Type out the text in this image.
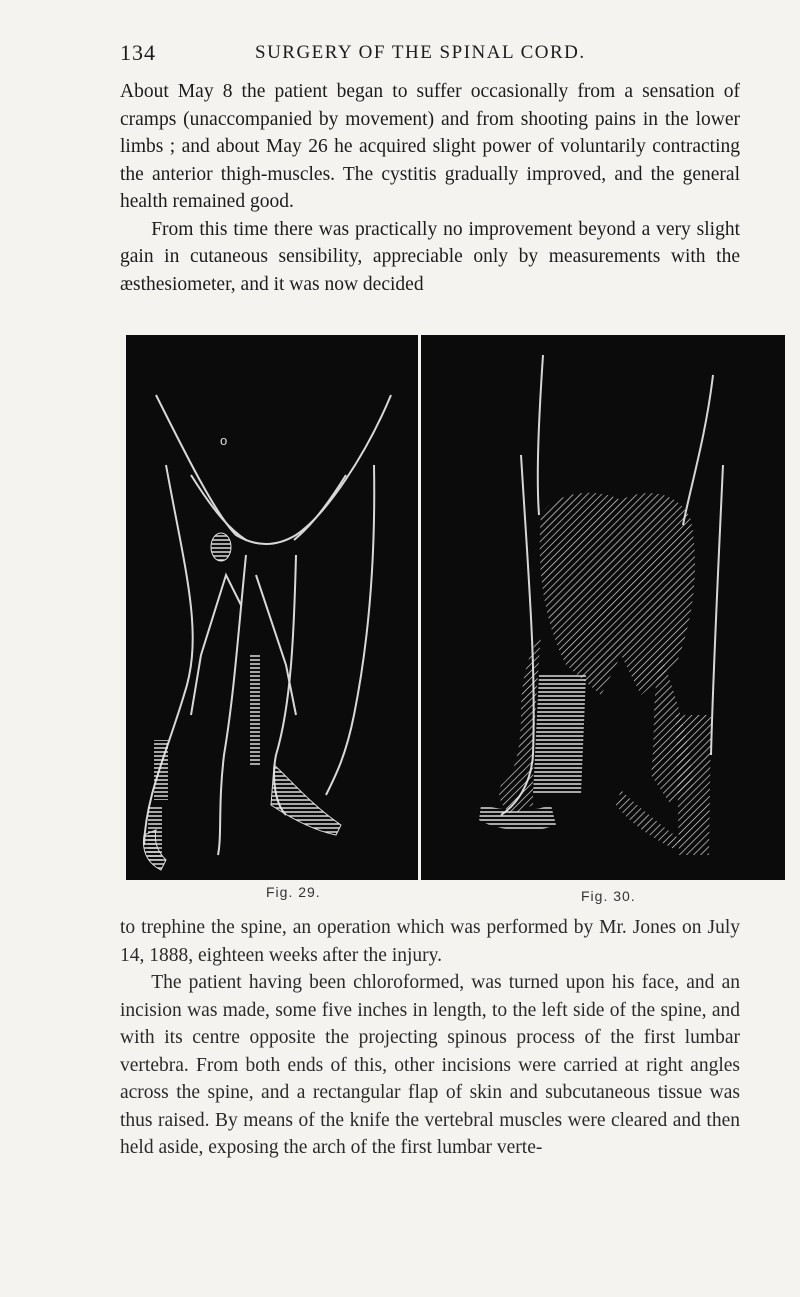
134	SURGERY OF THE SPINAL CORD.

About May 8 the patient began to suffer occasionally from a sensation of cramps (unaccompanied by movement) and from shooting pains in the lower limbs ; and about May 26 he acquired slight power of voluntarily contracting the anterior thigh-muscles. The cystitis gradually improved, and the general health remained good.

From this time there was practically no improvement beyond a very slight gain in cutaneous sensibility, appreciable only by measurements with the æsthesiometer, and it was now decided

o
Fig. 29.	Fig. 30.

to trephine the spine, an operation which was performed by Mr. Jones on July 14, 1888, eighteen weeks after the injury.

The patient having been chloroformed, was turned upon his face, and an incision was made, some five inches in length, to the left side of the spine, and with its centre opposite the projecting spinous process of the first lumbar vertebra. From both ends of this, other incisions were carried at right angles across the spine, and a rectangular flap of skin and subcutaneous tissue was thus raised. By means of the knife the vertebral muscles were cleared and then held aside, exposing the arch of the first lumbar verte-
